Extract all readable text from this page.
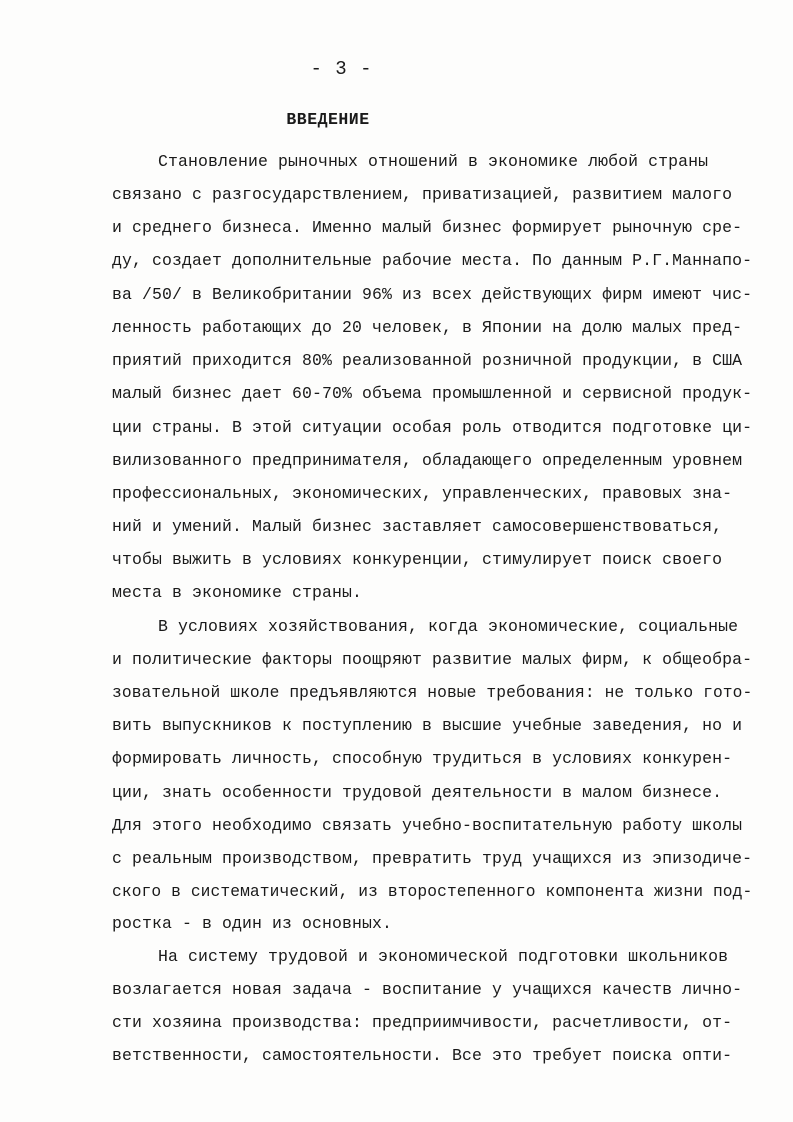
- 3 -
ВВЕДЕНИЕ
Становление рыночных отношений в экономике любой страны
связано с разгосударствлением, приватизацией, развитием малого
и среднего бизнеса. Именно малый бизнес формирует рыночную сре-
ду, создает дополнительные рабочие места. По данным Р.Г.Маннапо-
ва /50/ в Великобритании 96% из всех действующих фирм имеют чис-
ленность работающих до 20 человек, в Японии на долю малых пред-
приятий приходится 80% реализованной розничной продукции, в США
малый бизнес дает 60-70% объема промышленной и сервисной продук-
ции страны. В этой ситуации особая роль отводится подготовке ци-
вилизованного предпринимателя, обладающего определенным уровнем
профессиональных, экономических, управленческих, правовых зна-
ний и умений. Малый бизнес заставляет самосовершенствоваться,
чтобы выжить в условиях конкуренции, стимулирует поиск своего
места в экономике страны.
В условиях хозяйствования, когда экономические, социальные
и политические факторы поощряют развитие малых фирм, к общеобра-
зовательной школе предъявляются новые требования: не только гото-
вить выпускников к поступлению в высшие учебные заведения, но и
формировать личность, способную трудиться в условиях конкурен-
ции, знать особенности трудовой деятельности в малом бизнесе.
Для этого необходимо связать учебно-воспитательную работу школы
с реальным производством, превратить труд учащихся из эпизодиче-
ского в систематический, из второстепенного компонента жизни под-
ростка - в один из основных.
На систему трудовой и экономической подготовки школьников
возлагается новая задача - воспитание у учащихся качеств лично-
сти хозяина производства: предприимчивости, расчетливости, от-
ветственности, самостоятельности. Все это требует поиска опти-
